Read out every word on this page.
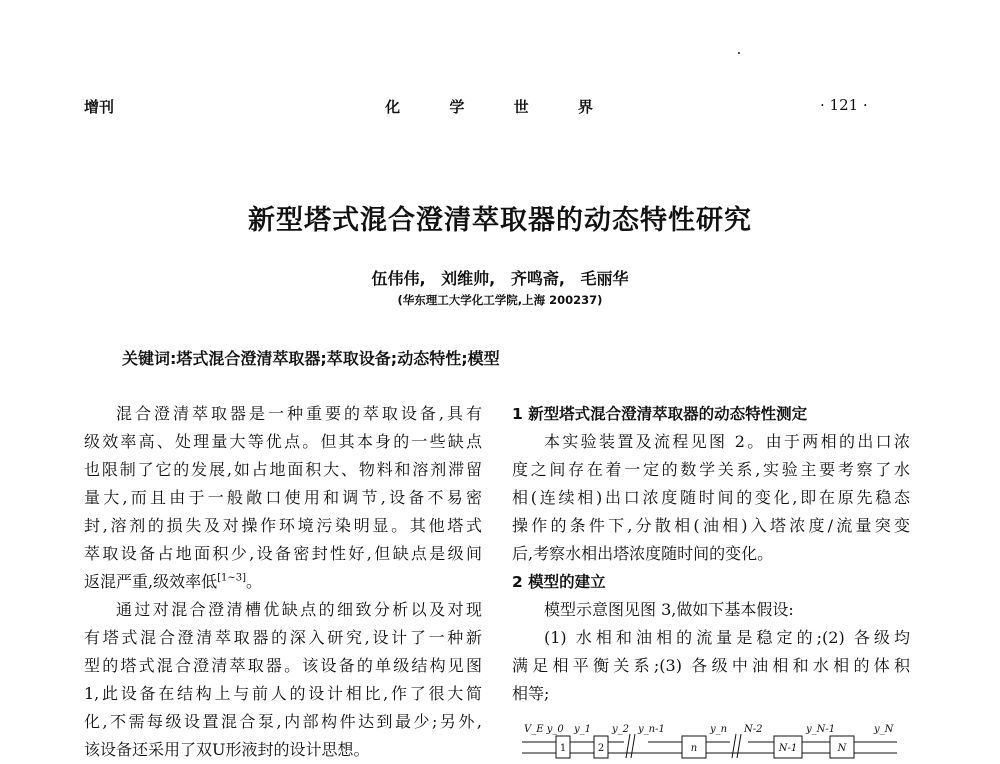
增刊	化 学 世 界	· 121 ·
新型塔式混合澄清萃取器的动态特性研究
伍伟伟, 刘维帅, 齐鸣斋, 毛丽华
(华东理工大学化工学院,上海 200237)
关键词:塔式混合澄清萃取器;萃取设备;动态特性;模型
混合澄清萃取器是一种重要的萃取设备,具有
级效率高、处理量大等优点。但其本身的一些缺点
也限制了它的发展,如占地面积大、物料和溶剂滞留
量大,而且由于一般敞口使用和调节,设备不易密
封,溶剂的损失及对操作环境污染明显。其他塔式
萃取设备占地面积少,设备密封性好,但缺点是级间
返混严重,级效率低[1~3]。
通过对混合澄清槽优缺点的细致分析以及对现
有塔式混合澄清萃取器的深入研究,设计了一种新
型的塔式混合澄清萃取器。该设备的单级结构见图
1,此设备在结构上与前人的设计相比,作了很大简
化,不需每级设置混合泵,内部构件达到最少;另外,
该设备还采用了双U形液封的设计思想。
1 新型塔式混合澄清萃取器的动态特性测定
本实验装置及流程见图 2。由于两相的出口浓
度之间存在着一定的数学关系,实验主要考察了水
相(连续相)出口浓度随时间的变化,即在原先稳态
操作的条件下,分散相(油相)入塔浓度/流量突变
后,考察水相出塔浓度随时间的变化。
2 模型的建立
模型示意图见图 3,做如下基本假设:
(1) 水相和油相的流量是稳定的;(2) 各级均
满足相平衡关系;(3) 各级中油相和水相的体积
相等;
V_E y_0 y_1 y_2 y_n-1	y_n N-2	y_N-1	y_N
1	2	n	N-1	N
